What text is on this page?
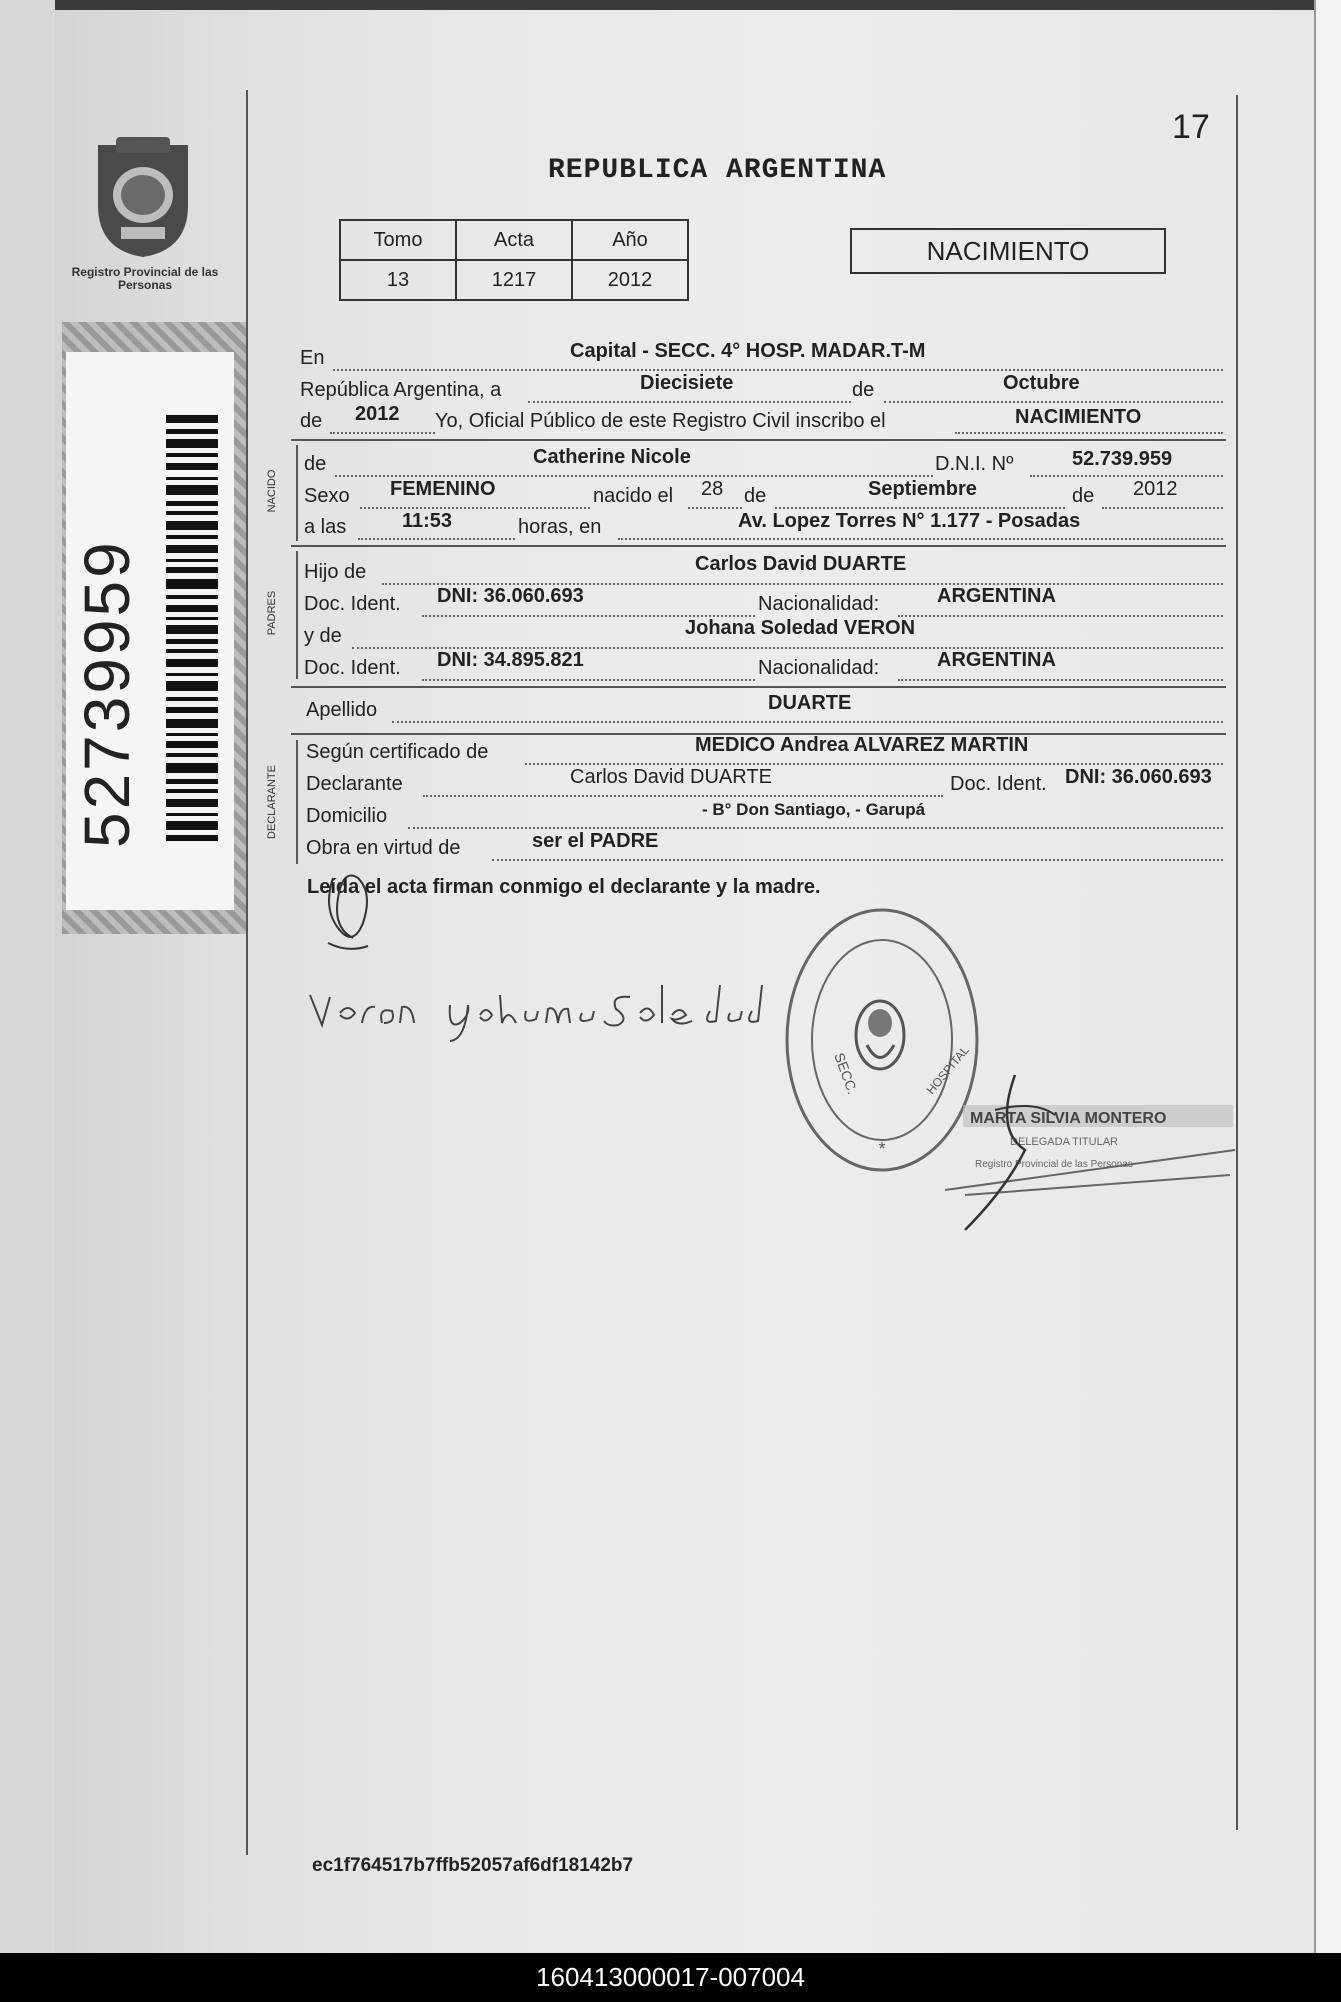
Registro Provincial de las Personas
52739959
17
REPUBLICA ARGENTINA
Tomo	Acta	Año
13	1217	2012
NACIMIENTO
En	Capital - SECC. 4° HOSP. MADAR.T-M
República Argentina, a	Diecisiete	de	Octubre
de 2012 Yo, Oficial Público de este Registro Civil inscribo el	NACIMIENTO
NACIDO
de	Catherine Nicole	D.N.I. Nº	52.739.959
Sexo FEMENINO	nacido el 28 de	Septiembre	de 2012
a las	11:53	horas, en	Av. Lopez Torres N° 1.177 - Posadas
PADRES
Hijo de	Carlos David DUARTE
Doc. Ident. DNI: 36.060.693	Nacionalidad:	ARGENTINA
y de	Johana Soledad VERON
Doc. Ident. DNI: 34.895.821	Nacionalidad:	ARGENTINA
Apellido	DUARTE
DECLARANTE
Según certificado de	MEDICO Andrea ALVAREZ MARTIN
Declarante	Carlos David DUARTE	Doc. Ident. DNI: 36.060.693
Domicilio	- B° Don Santiago, - Garupá
Obra en virtud de	ser el PADRE
Leída el acta firman conmigo el declarante y la madre.
SECC.	HOSPITAL
*
MARTA SILVIA MONTERO
DELEGADA TITULAR
Registro Provincial de las Personas
ec1f764517b7ffb52057af6df18142b7
160413000017-007004
